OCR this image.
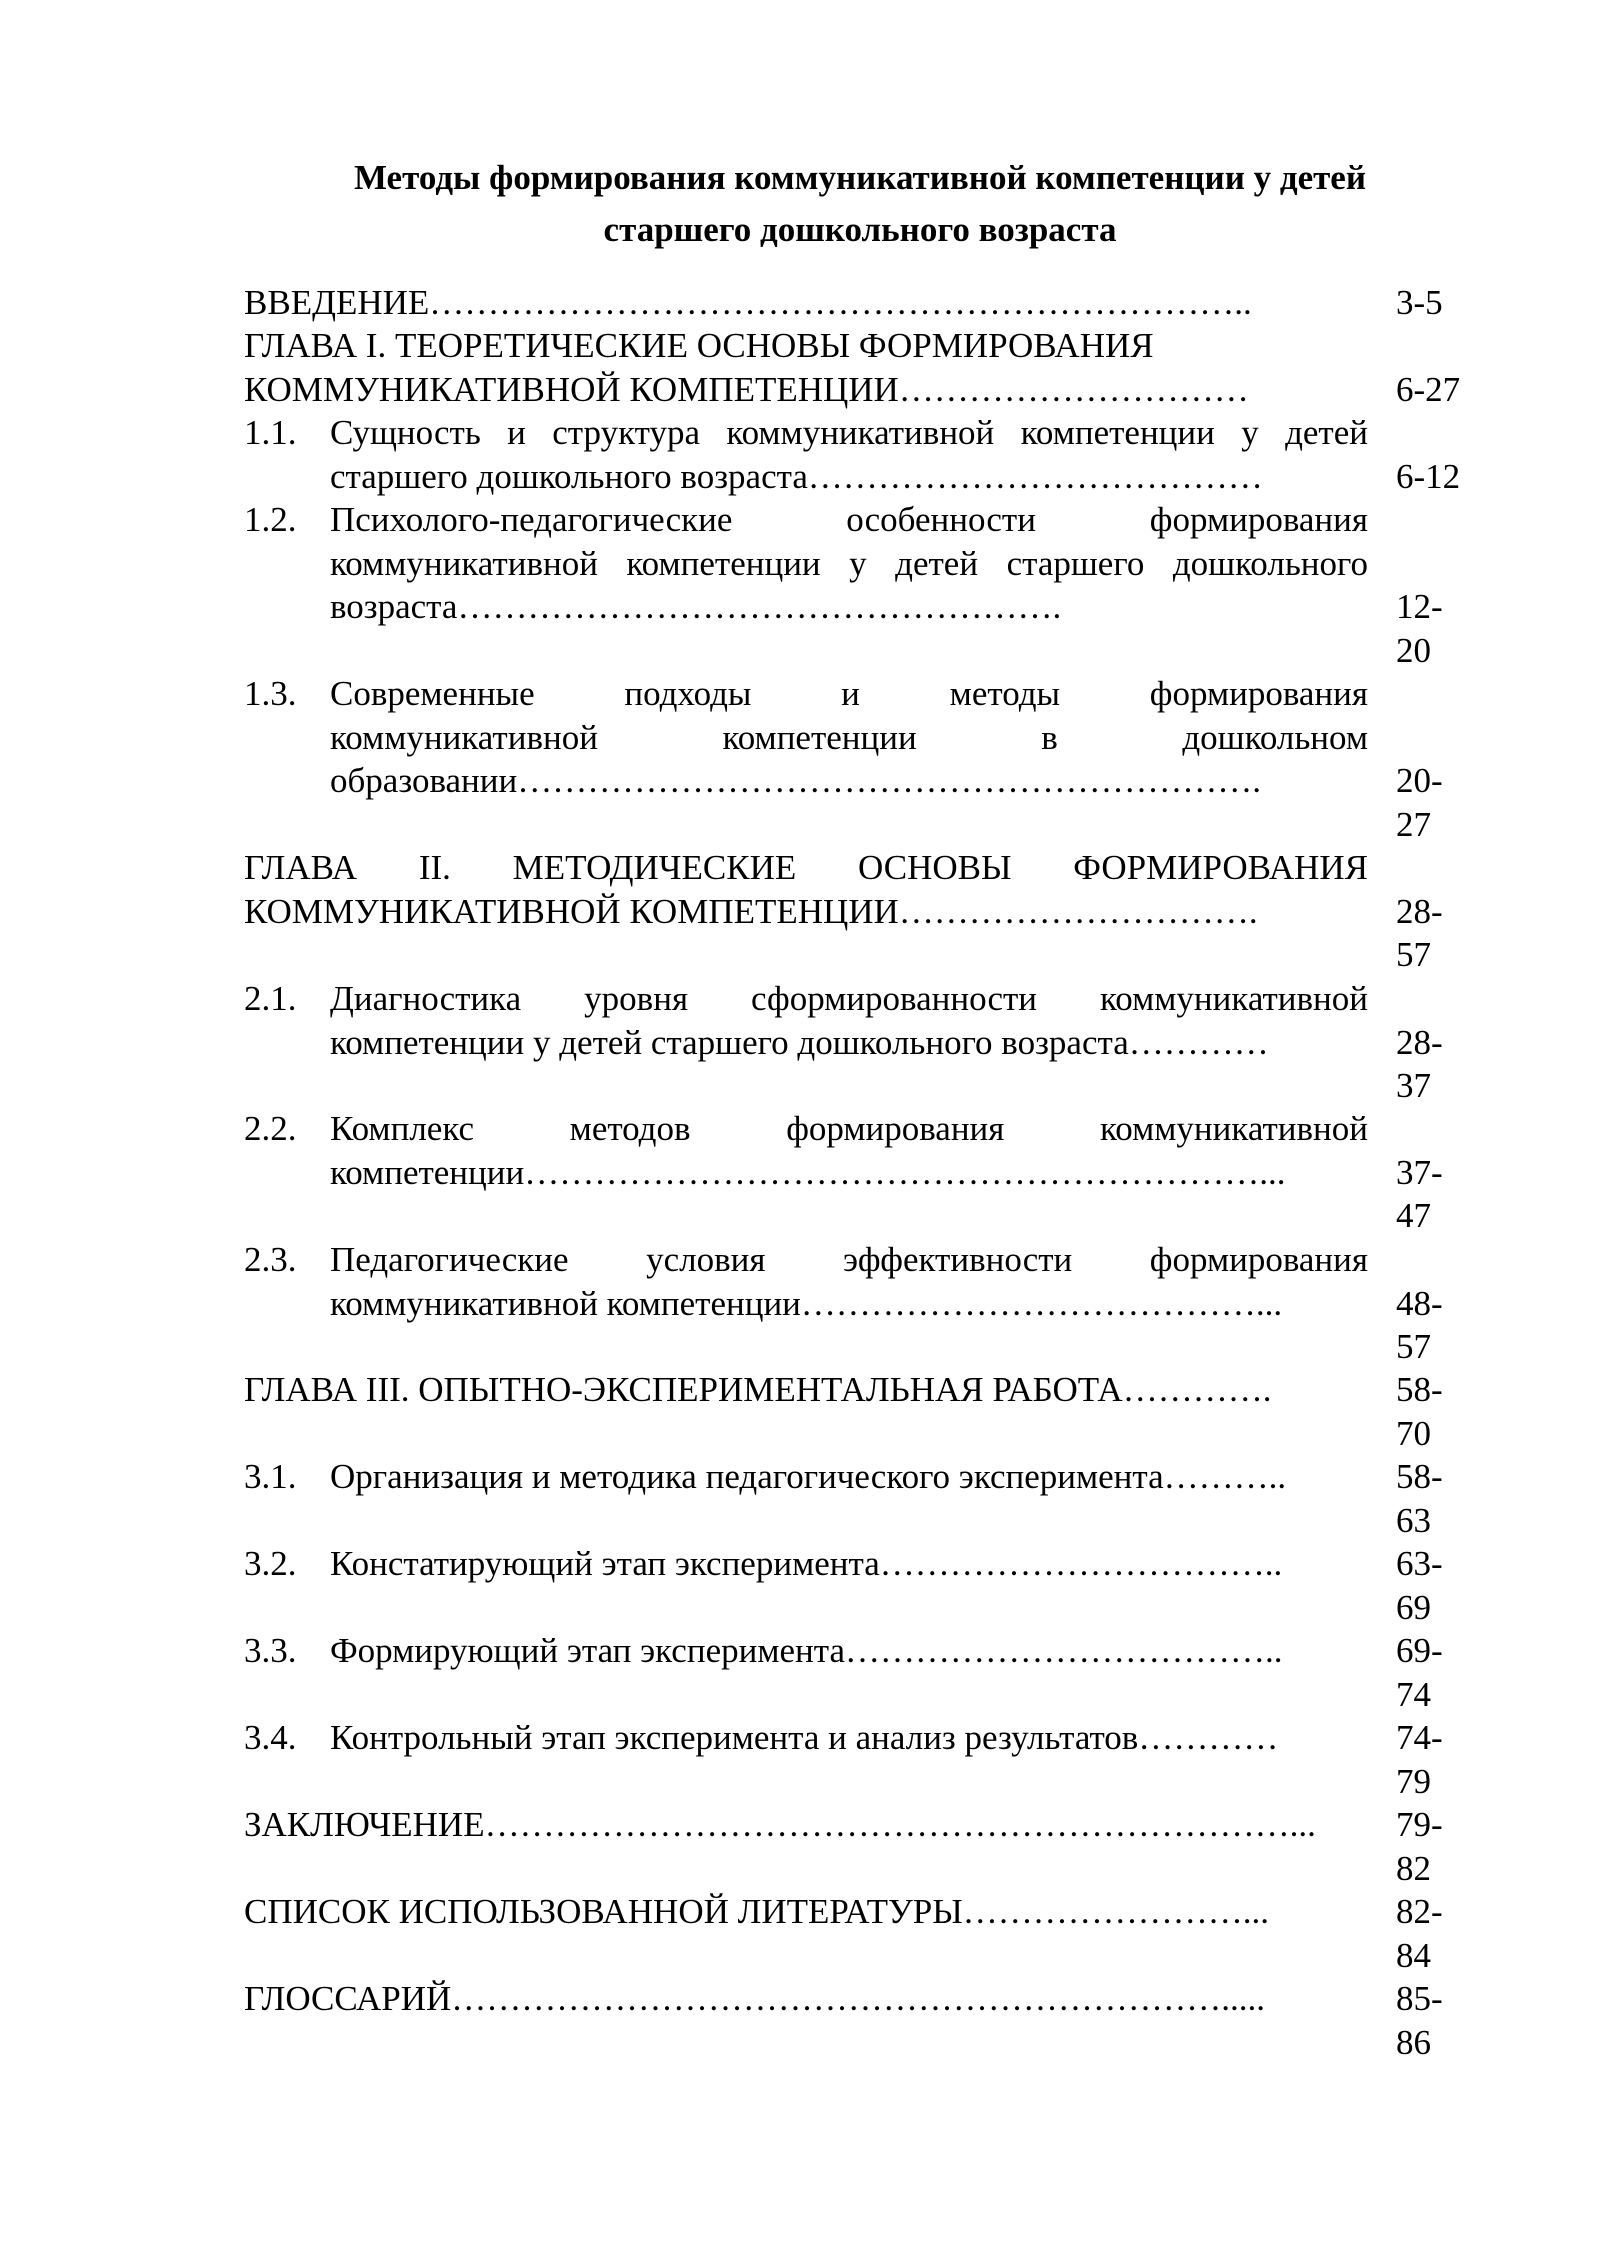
Методы формирования коммуникативной компетенции у детей
старшего дошкольного возраста
ВВЕДЕНИЕ……………………………………………………………..	3-5
ГЛАВА I. ТЕОРЕТИЧЕСКИЕ ОСНОВЫ ФОРМИРОВАНИЯ
КОММУНИКАТИВНОЙ КОМПЕТЕНЦИИ…………………………	6-27
1.1. Сущность и структура коммуникативной компетенции у детей
старшего дошкольного возраста…………………………………	6-12
1.2. Психолого-педагогические особенности формирования
коммуникативной компетенции у детей старшего дошкольного
возраста…………………………………………….	12-
20
1.3. Современные подходы и методы формирования
коммуникативной компетенции в дошкольном
образовании……………………………………………………….	20-
27
ГЛАВА II. МЕТОДИЧЕСКИЕ ОСНОВЫ ФОРМИРОВАНИЯ
КОММУНИКАТИВНОЙ КОМПЕТЕНЦИИ………………………….	28-
57
2.1. Диагностика уровня сформированности коммуникативной
компетенции у детей старшего дошкольного возраста…………	28-
37
2.2. Комплекс методов формирования коммуникативной
компетенции………………………………………………………...	37-
47
2.3. Педагогические условия эффективности формирования
коммуникативной компетенции…………………………………...	48-
57
ГЛАВА III. ОПЫТНО-ЭКСПЕРИМЕНТАЛЬНАЯ РАБОТА………….	58-
70
3.1. Организация и методика педагогического эксперимента………..	58-
63
3.2. Констатирующий этап эксперимента……………………………..	63-
69
3.3. Формирующий этап эксперимента………………………………..	69-
74
3.4. Контрольный этап эксперимента и анализ результатов…………	74-
79
ЗАКЛЮЧЕНИЕ……………………………………………………………...	79-
82
СПИСОК ИСПОЛЬЗОВАННОЙ ЛИТЕРАТУРЫ……………………...	82-
84
ГЛОССАРИЙ………………………………………………………….....	85-
86
